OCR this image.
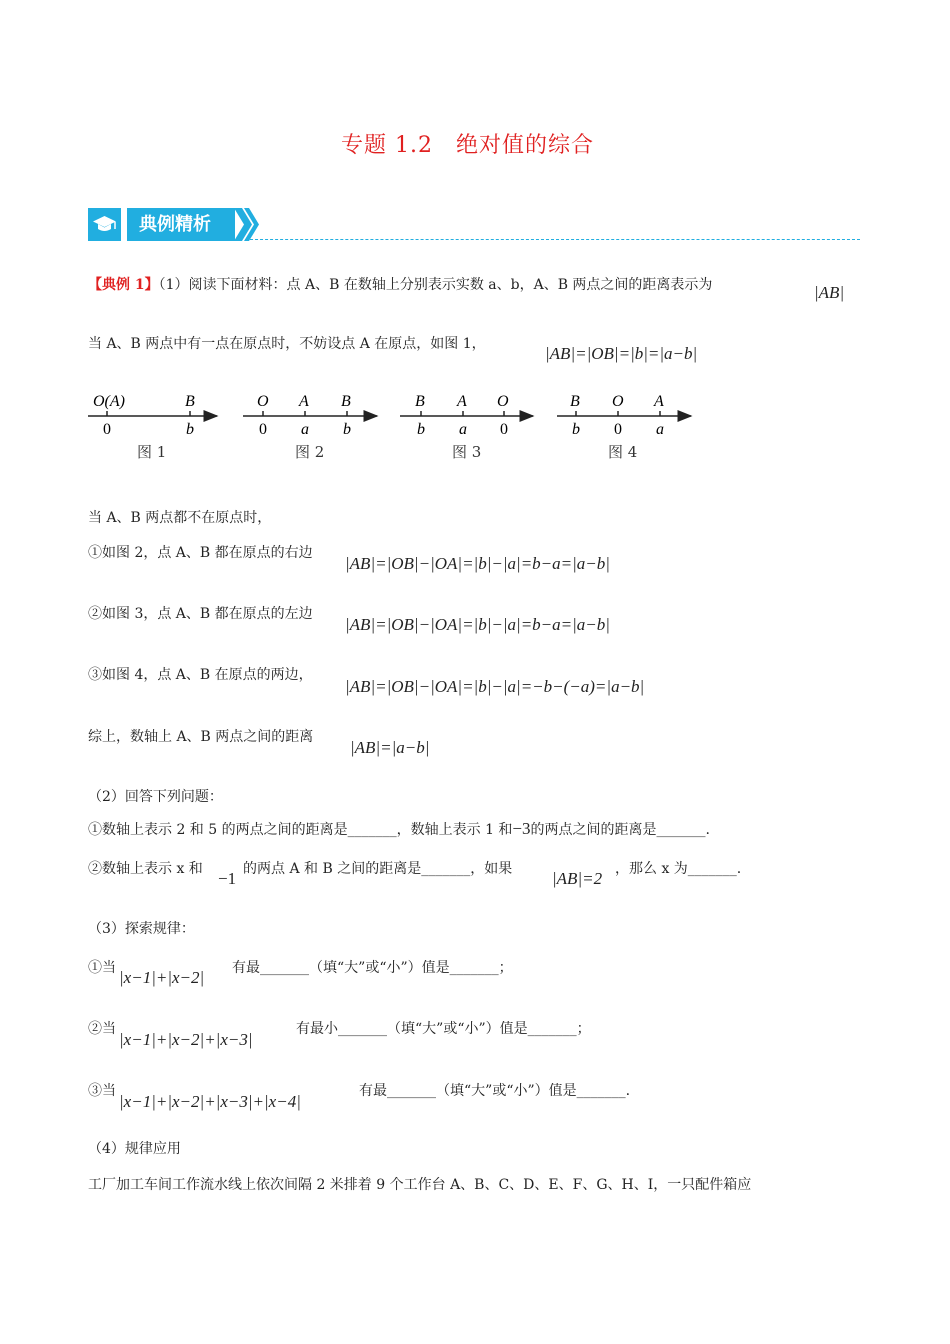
专题 1.2　绝对值的综合
典例精析
【典例 1】（1）阅读下面材料：点 A、B 在数轴上分别表示实数 a、b，A、B 两点之间的距离表示为	|AB|
当 A、B 两点中有一点在原点时，不妨设点 A 在原点，如图 1，	|AB|=|OB|=|b|=|a−b|
O(A)	B
0	b
图 1
O A B
0 a b
图 2
B A O
b a 0
图 3
B O A
b 0 a
图 4
当 A、B 两点都不在原点时，
①如图 2，点 A、B 都在原点的右边
|AB|=|OB|−|OA|=|b|−|a|=b−a=|a−b|
②如图 3，点 A、B 都在原点的左边
|AB|=|OB|−|OA|=|b|−|a|=b−a=|a−b|
③如图 4，点 A、B 在原点的两边，
|AB|=|OB|−|OA|=|b|−|a|=−b−(−a)=|a−b|
综上，数轴上 A、B 两点之间的距离
|AB|=|a−b|
（2）回答下列问题：
①数轴上表示 2 和 5 的两点之间的距离是_______，数轴上表示 1 和−3的两点之间的距离是_______.
②数轴上表示 x 和 −1 的两点 A 和 B 之间的距离是_______，如果 |AB|=2 ，那么 x 为_______.
（3）探索规律：
①当 |x−1|+|x−2| 有最_______（填“大”或“小”）值是_______；
②当
|x−1|+|x−2|+|x−3|
有最小_______（填“大”或“小”）值是_______；
③当
|x−1|+|x−2|+|x−3|+|x−4|
有最_______（填“大”或“小”）值是_______.
（4）规律应用
工厂加工车间工作流水线上依次间隔 2 米排着 9 个工作台 A、B、C、D、E、F、G、H、I，一只配件箱应
